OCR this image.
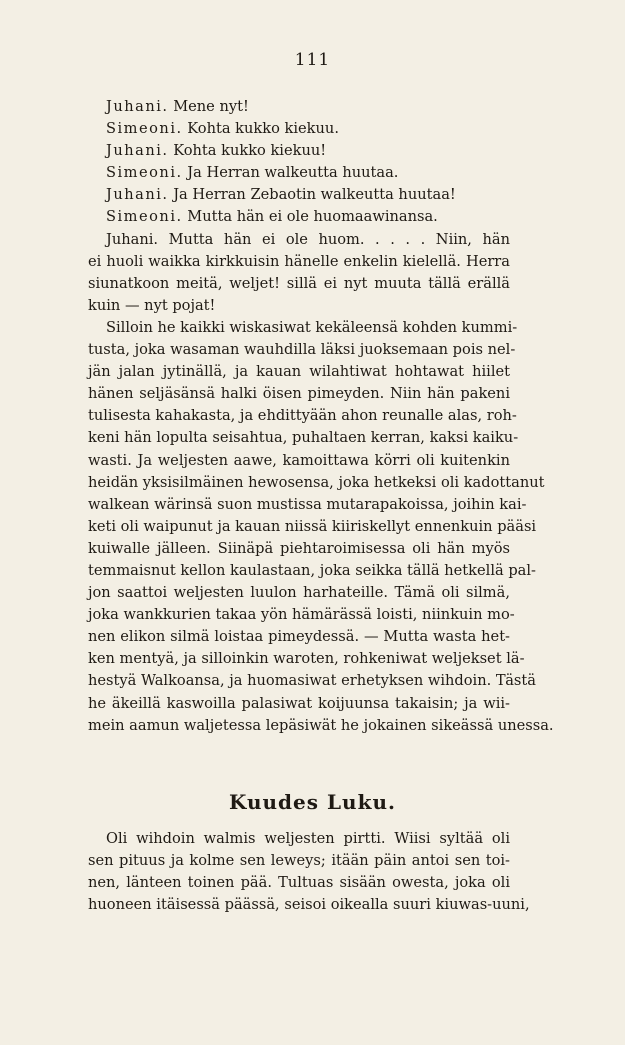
111
Juhani. Mene nyt!
Simeoni. Kohta kukko kiekuu.
Juhani. Kohta kukko kiekuu!
Simeoni. Ja Herran walkeutta huutaa.
Juhani. Ja Herran Zebaotin walkeutta huutaa!
Simeoni. Mutta hän ei ole huomaawinansa.
Juhani. Mutta hän ei ole huom. . . . . Niin, hän
ei huoli waikka kirkkuisin hänelle enkelin kielellä. Herra
siunatkoon meitä, weljet! sillä ei nyt muuta tällä erällä
kuin — nyt pojat!
Silloin he kaikki wiskasiwat kekäleensä kohden kummi-
tusta, joka wasaman wauhdilla läksi juoksemaan pois nel-
jän jalan jytinällä, ja kauan wilahtiwat hohtawat hiilet
hänen seljäsänsä halki öisen pimeyden. Niin hän pakeni
tulisesta kahakasta, ja ehdittyään ahon reunalle alas, roh-
keni hän lopulta seisahtua, puhaltaen kerran, kaksi kaiku-
wasti. Ja weljesten aawe, kamoittawa körri oli kuitenkin
heidän yksisilmäinen hewosensa, joka hetkeksi oli kadottanut
walkean wärinsä suon mustissa mutarapakoissa, joihin kai-
keti oli waipunut ja kauan niissä kiiriskellyt ennenkuin pääsi
kuiwalle jälleen. Siinäpä piehtaroimisessa oli hän myös
temmaisnut kellon kaulastaan, joka seikka tällä hetkellä pal-
jon saattoi weljesten luulon harhateille. Tämä oli silmä,
joka wankkurien takaa yön hämärässä loisti, niinkuin mo-
nen elikon silmä loistaa pimeydessä. — Mutta wasta het-
ken mentyä, ja silloinkin waroten, rohkeniwat weljekset lä-
hestyä Walkoansa, ja huomasiwat erhetyksen wihdoin. Tästä
he äkeillä kaswoilla palasiwat koijuunsa takaisin; ja wii-
mein aamun waljetessa lepäsiwät he jokainen sikeässä unessa.
Kuudes Luku.
Oli wihdoin walmis weljesten pirtti. Wiisi syltää oli
sen pituus ja kolme sen leweys; itään päin antoi sen toi-
nen, länteen toinen pää. Tultuas sisään owesta, joka oli
huoneen itäisessä päässä, seisoi oikealla suuri kiuwas-uuni,
